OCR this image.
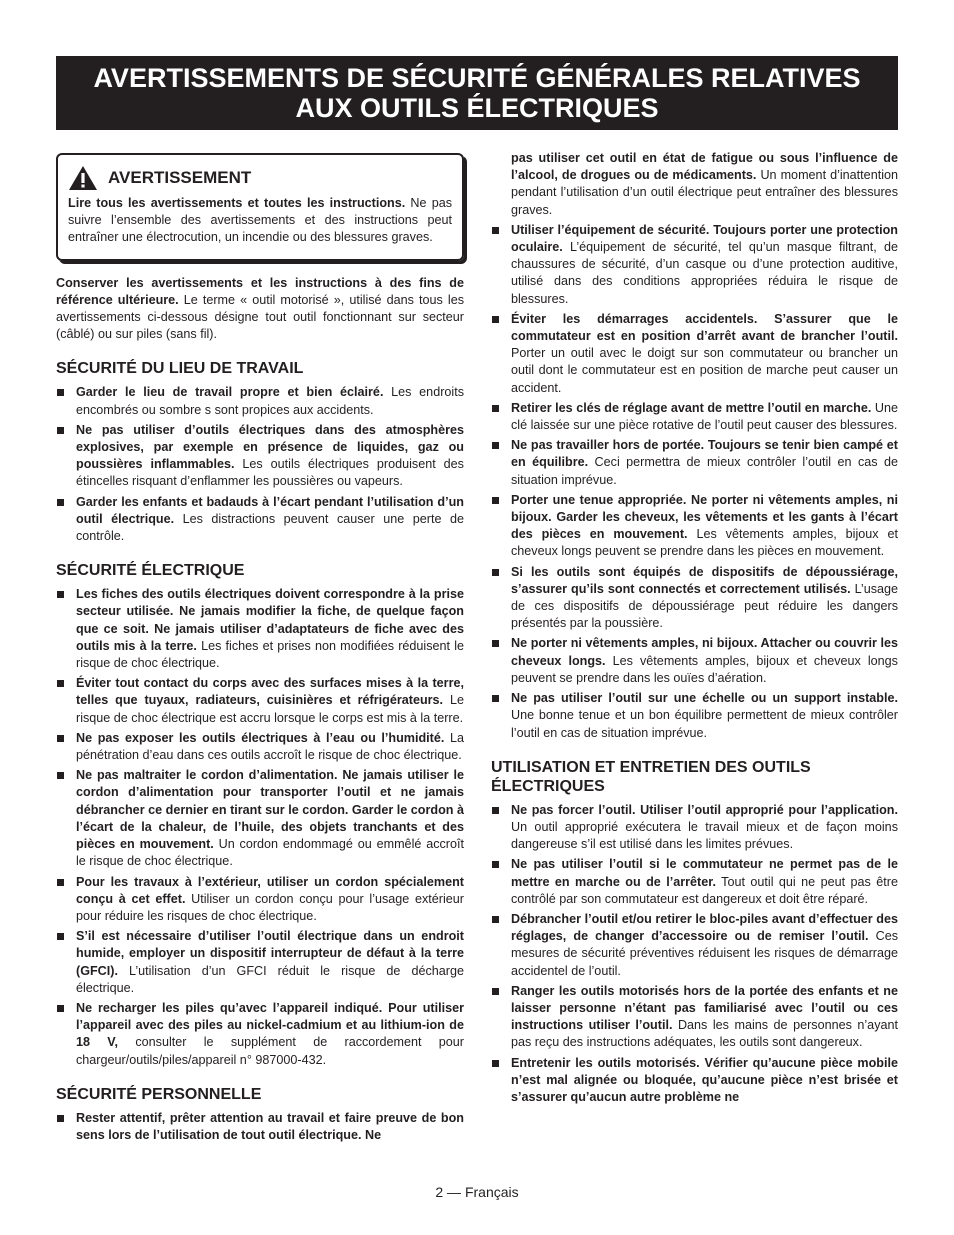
AVERTISSEMENTS DE SÉCURITÉ GÉNÉRALES RELATIVES
AUX OUTILS ÉLECTRIQUES
AVERTISSEMENT

Lire tous les avertissements et toutes les instructions. Ne pas suivre l’ensemble des avertissements et des instructions peut entraîner une électrocution, un incendie ou des blessures graves.

Conserver les avertissements et les instructions à des fins de référence ultérieure. Le terme « outil motorisé », utilisé dans tous les avertissements ci-dessous désigne tout outil fonctionnant sur secteur (câblé) ou sur piles (sans fil).

SÉCURITÉ DU LIEU DE TRAVAIL
Garder le lieu de travail propre et bien éclairé. Les endroits encombrés ou sombre s sont propices aux accidents.
Ne pas utiliser d’outils électriques dans des atmosphères explosives, par exemple en présence de liquides, gaz ou poussières inflammables. Les outils électriques produisent des étincelles risquant d’enflammer les poussières ou vapeurs.
Garder les enfants et badauds à l’écart pendant l’utilisation d’un outil électrique. Les distractions peuvent causer une perte de contrôle.
SÉCURITÉ ÉLECTRIQUE
Les fiches des outils électriques doivent correspondre à la prise secteur utilisée. Ne jamais modifier la fiche, de quelque façon que ce soit. Ne jamais utiliser d’adaptateurs de fiche avec des outils mis à la terre. Les fiches et prises non modifiées réduisent le risque de choc électrique.
Éviter tout contact du corps avec des surfaces mises à la terre, telles que tuyaux, radiateurs, cuisinières et réfrigérateurs. Le risque de choc électrique est accru lorsque le corps est mis à la terre.
Ne pas exposer les outils électriques à l’eau ou l’humidité. La pénétration d’eau dans ces outils accroît le risque de choc électrique.
Ne pas maltraiter le cordon d’alimentation. Ne jamais utiliser le cordon d’alimentation pour transporter l’outil et ne jamais débrancher ce dernier en tirant sur le cordon. Garder le cordon à l’écart de la chaleur, de l’huile, des objets tranchants et des pièces en mouvement. Un cordon endommagé ou emmêlé accroît le risque de choc électrique.
Pour les travaux à l’extérieur, utiliser un cordon spécialement conçu à cet effet. Utiliser un cordon conçu pour l’usage extérieur pour réduire les risques de choc électrique.
S’il est nécessaire d’utiliser l’outil électrique dans un endroit humide, employer un dispositif interrupteur de défaut à la terre (GFCI). L’utilisation d’un GFCI réduit le risque de décharge électrique.
Ne recharger les piles qu’avec l’appareil indiqué. Pour utiliser l’appareil avec des piles au nickel-cadmium et au lithium-ion de 18 V, consulter le supplément de raccordement pour chargeur/outils/piles/appareil n° 987000-432.
SÉCURITÉ PERSONNELLE
Rester attentif, prêter attention au travail et faire preuve de bon sens lors de l’utilisation de tout outil électrique. Ne

pas utiliser cet outil en état de fatigue ou sous l’influence de l’alcool, de drogues ou de médicaments. Un moment d’inattention pendant l’utilisation d’un outil électrique peut entraîner des blessures graves.

Utiliser l’équipement de sécurité. Toujours porter une protection oculaire. L’équipement de sécurité, tel qu’un masque filtrant, de chaussures de sécurité, d’un casque ou d’une protection auditive, utilisé dans des conditions appropriées réduira le risque de blessures.
Éviter les démarrages accidentels. S’assurer que le commutateur est en position d’arrêt avant de brancher l’outil. Porter un outil avec le doigt sur son commutateur ou brancher un outil dont le commutateur est en position de marche peut causer un accident.
Retirer les clés de réglage avant de mettre l’outil en marche. Une clé laissée sur une pièce rotative de l’outil peut causer des blessures.
Ne pas travailler hors de portée. Toujours se tenir bien campé et en équilibre. Ceci permettra de mieux contrôler l’outil en cas de situation imprévue.
Porter une tenue appropriée. Ne porter ni vêtements amples, ni bijoux. Garder les cheveux, les vêtements et les gants à l’écart des pièces en mouvement. Les vêtements amples, bijoux et cheveux longs peuvent se prendre dans les pièces en mouvement.
Si les outils sont équipés de dispositifs de dépoussiérage, s’assurer qu’ils sont connectés et correctement utilisés. L’usage de ces dispositifs de dépoussiérage peut réduire les dangers présentés par la poussière.
Ne porter ni vêtements amples, ni bijoux. Attacher ou couvrir les cheveux longs. Les vêtements amples, bijoux et cheveux longs peuvent se prendre dans les ouïes d’aération.
Ne pas utiliser l’outil sur une échelle ou un support instable. Une bonne tenue et un bon équilibre permettent de mieux contrôler l’outil en cas de situation imprévue.
UTILISATION ET ENTRETIEN DES OUTILS ÉLECTRIQUES
Ne pas forcer l’outil. Utiliser l’outil approprié pour l’application. Un outil approprié exécutera le travail mieux et de façon moins dangereuse s’il est utilisé dans les limites prévues.
Ne pas utiliser l’outil si le commutateur ne permet pas de le mettre en marche ou de l’arrêter. Tout outil qui ne peut pas être contrôlé par son commutateur est dangereux et doit être réparé.
Débrancher l’outil et/ou retirer le bloc-piles avant d’effectuer des réglages, de changer d’accessoire ou de remiser l’outil. Ces mesures de sécurité préventives réduisent les risques de démarrage accidentel de l’outil.
Ranger les outils motorisés hors de la portée des enfants et ne laisser personne n’étant pas familiarisé avec l’outil ou ces instructions utiliser l’outil. Dans les mains de personnes n’ayant pas reçu des instructions adéquates, les outils sont dangereux.
Entretenir les outils motorisés. Vérifier qu’aucune pièce mobile n’est mal alignée ou bloquée, qu’aucune pièce n’est brisée et s’assurer qu’aucun autre problème ne
2 — Français
